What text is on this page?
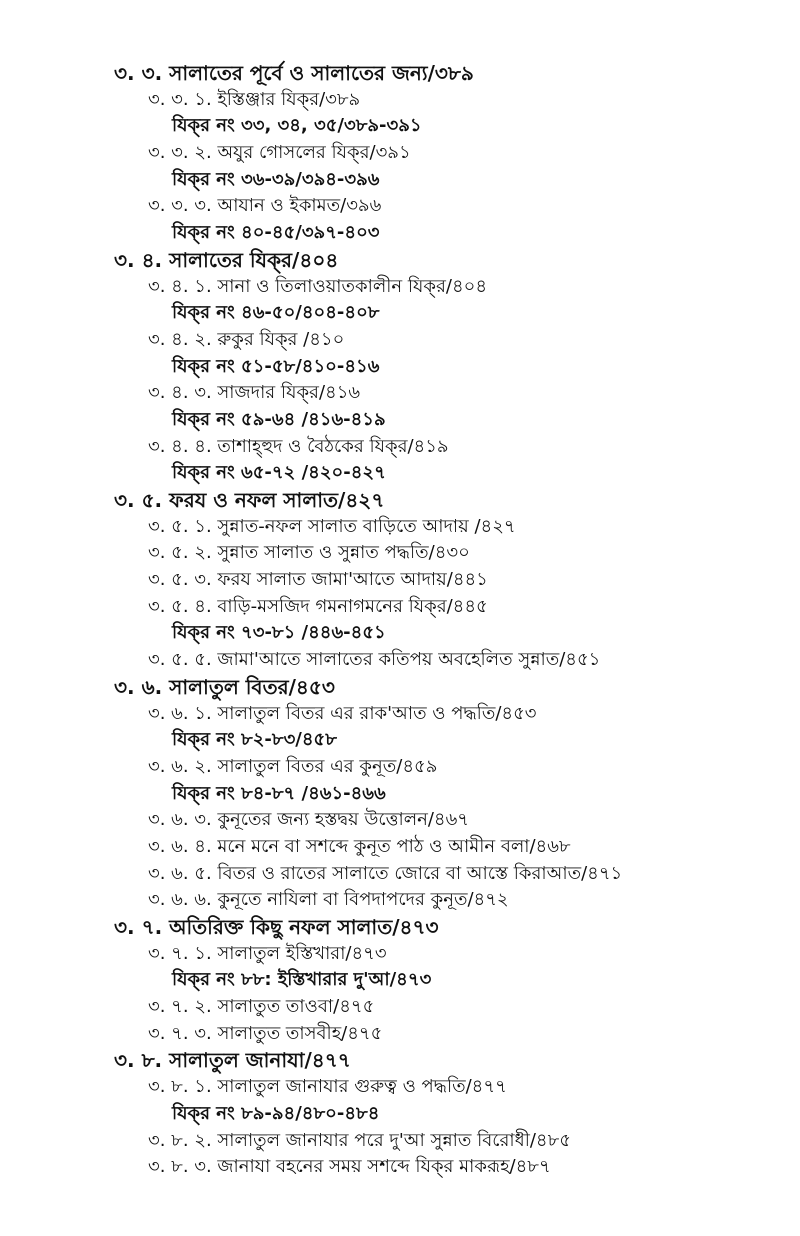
৩. ৩. সালাতের পূর্বে ও সালাতের জন্য/৩৮৯
৩. ৩. ১. ইস্তিঞ্জার যিক্‌র/৩৮৯
যিক্‌র নং ৩৩, ৩৪, ৩৫/৩৮৯-৩৯১
৩. ৩. ২. অযুর গোসলের যিক্‌র/৩৯১
যিক্‌র নং ৩৬-৩৯/৩৯৪-৩৯৬
৩. ৩. ৩. আযান ও ইকামত/৩৯৬
যিক্‌র নং ৪০-৪৫/৩৯৭-৪০৩
৩. ৪. সালাতের যিক্‌র/৪০৪
৩. ৪. ১. সানা ও তিলাওয়াতকালীন যিক্‌র/৪০৪
যিক্‌র নং ৪৬-৫০/৪০৪-৪০৮
৩. ৪. ২. রুকুর যিক্‌র /৪১০
যিক্‌র নং ৫১-৫৮/৪১০-৪১৬
৩. ৪. ৩. সাজদার যিক্‌র/৪১৬
যিক্‌র নং ৫৯-৬৪ /৪১৬-৪১৯
৩. ৪. ৪. তাশাহ্‌হুদ ও বৈঠকের যিক্‌র/৪১৯
যিক্‌র নং ৬৫-৭২ /৪২০-৪২৭
৩. ৫. ফরয ও নফল সালাত/৪২৭
৩. ৫. ১. সুন্নাত-নফল সালাত বাড়িতে আদায় /৪২৭
৩. ৫. ২. সুন্নাত সালাত ও সুন্নাত পদ্ধতি/৪৩০
৩. ৫. ৩. ফরয সালাত জামা'আতে আদায়/৪৪১
৩. ৫. ৪. বাড়ি-মসজিদ গমনাগমনের যিক্‌র/৪৪৫
যিক্‌র নং ৭৩-৮১ /৪৪৬-৪৫১
৩. ৫. ৫. জামা'আতে সালাতের কতিপয় অবহেলিত সুন্নাত/৪৫১
৩. ৬. সালাতুল বিতর/৪৫৩
৩. ৬. ১. সালাতুল বিতর এর রাক'আত ও পদ্ধতি/৪৫৩
যিক্‌র নং ৮২-৮৩/৪৫৮
৩. ৬. ২. সালাতুল বিতর এর কুনূত/৪৫৯
যিক্‌র নং ৮৪-৮৭ /৪৬১-৪৬৬
৩. ৬. ৩. কুনূতের জন্য হস্তদ্বয় উত্তোলন/৪৬৭
৩. ৬. ৪. মনে মনে বা সশব্দে কুনূত পাঠ ও আমীন বলা/৪৬৮
৩. ৬. ৫. বিতর ও রাতের সালাতে জোরে বা আস্তে কিরাআত/৪৭১
৩. ৬. ৬. কুনূতে নাযিলা বা বিপদাপদের কুনূত/৪৭২
৩. ৭. অতিরিক্ত কিছু নফল সালাত/৪৭৩
৩. ৭. ১. সালাতুল ইস্তিখারা/৪৭৩
যিক্‌র নং ৮৮: ইস্তিখারার দু'আ/৪৭৩
৩. ৭. ২. সালাতুত তাওবা/৪৭৫
৩. ৭. ৩. সালাতুত তাসবীহ/৪৭৫
৩. ৮. সালাতুল জানাযা/৪৭৭
৩. ৮. ১. সালাতুল জানাযার গুরুত্ব ও পদ্ধতি/৪৭৭
যিক্‌র নং ৮৯-৯৪/৪৮০-৪৮৪
৩. ৮. ২. সালাতুল জানাযার পরে দু'আ সুন্নাত বিরোধী/৪৮৫
৩. ৮. ৩. জানাযা বহনের সময় সশব্দে যিক্‌র মাকরূহ/৪৮৭
